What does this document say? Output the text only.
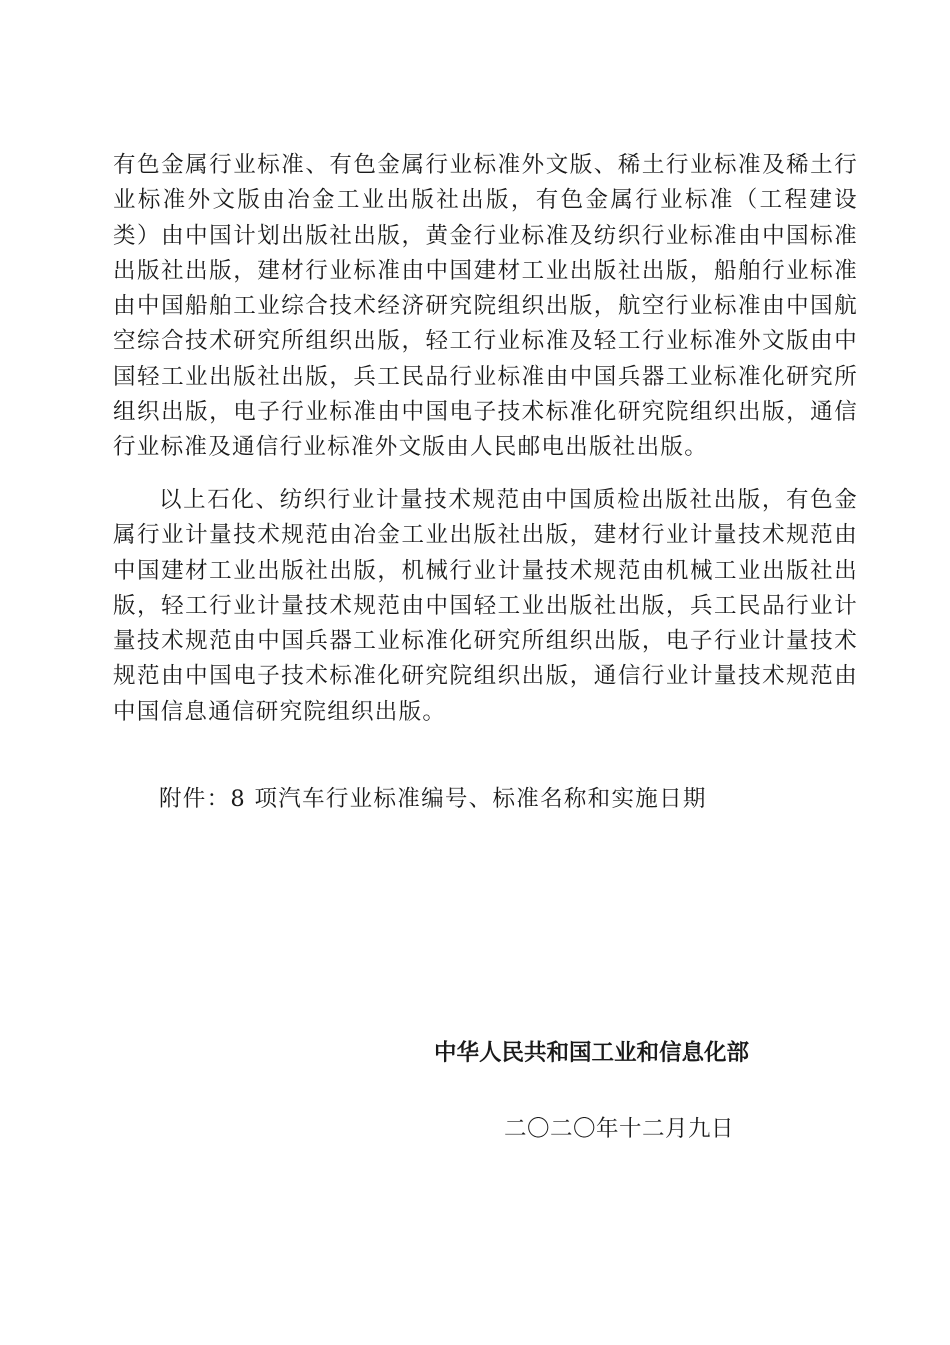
有色金属行业标准、有色金属行业标准外文版、稀土行业标准及稀土行业标准外文版由冶金工业出版社出版，有色金属行业标准（工程建设类）由中国计划出版社出版，黄金行业标准及纺织行业标准由中国标准出版社出版，建材行业标准由中国建材工业出版社出版，船舶行业标准由中国船舶工业综合技术经济研究院组织出版，航空行业标准由中国航空综合技术研究所组织出版，轻工行业标准及轻工行业标准外文版由中国轻工业出版社出版，兵工民品行业标准由中国兵器工业标准化研究所组织出版，电子行业标准由中国电子技术标准化研究院组织出版，通信行业标准及通信行业标准外文版由人民邮电出版社出版。

以上石化、纺织行业计量技术规范由中国质检出版社出版，有色金属行业计量技术规范由冶金工业出版社出版，建材行业计量技术规范由中国建材工业出版社出版，机械行业计量技术规范由机械工业出版社出版，轻工行业计量技术规范由中国轻工业出版社出版，兵工民品行业计量技术规范由中国兵器工业标准化研究所组织出版，电子行业计量技术规范由中国电子技术标准化研究院组织出版，通信行业计量技术规范由中国信息通信研究院组织出版。

附件：8 项汽车行业标准编号、标准名称和实施日期

中华人民共和国工业和信息化部

二〇二〇年十二月九日
